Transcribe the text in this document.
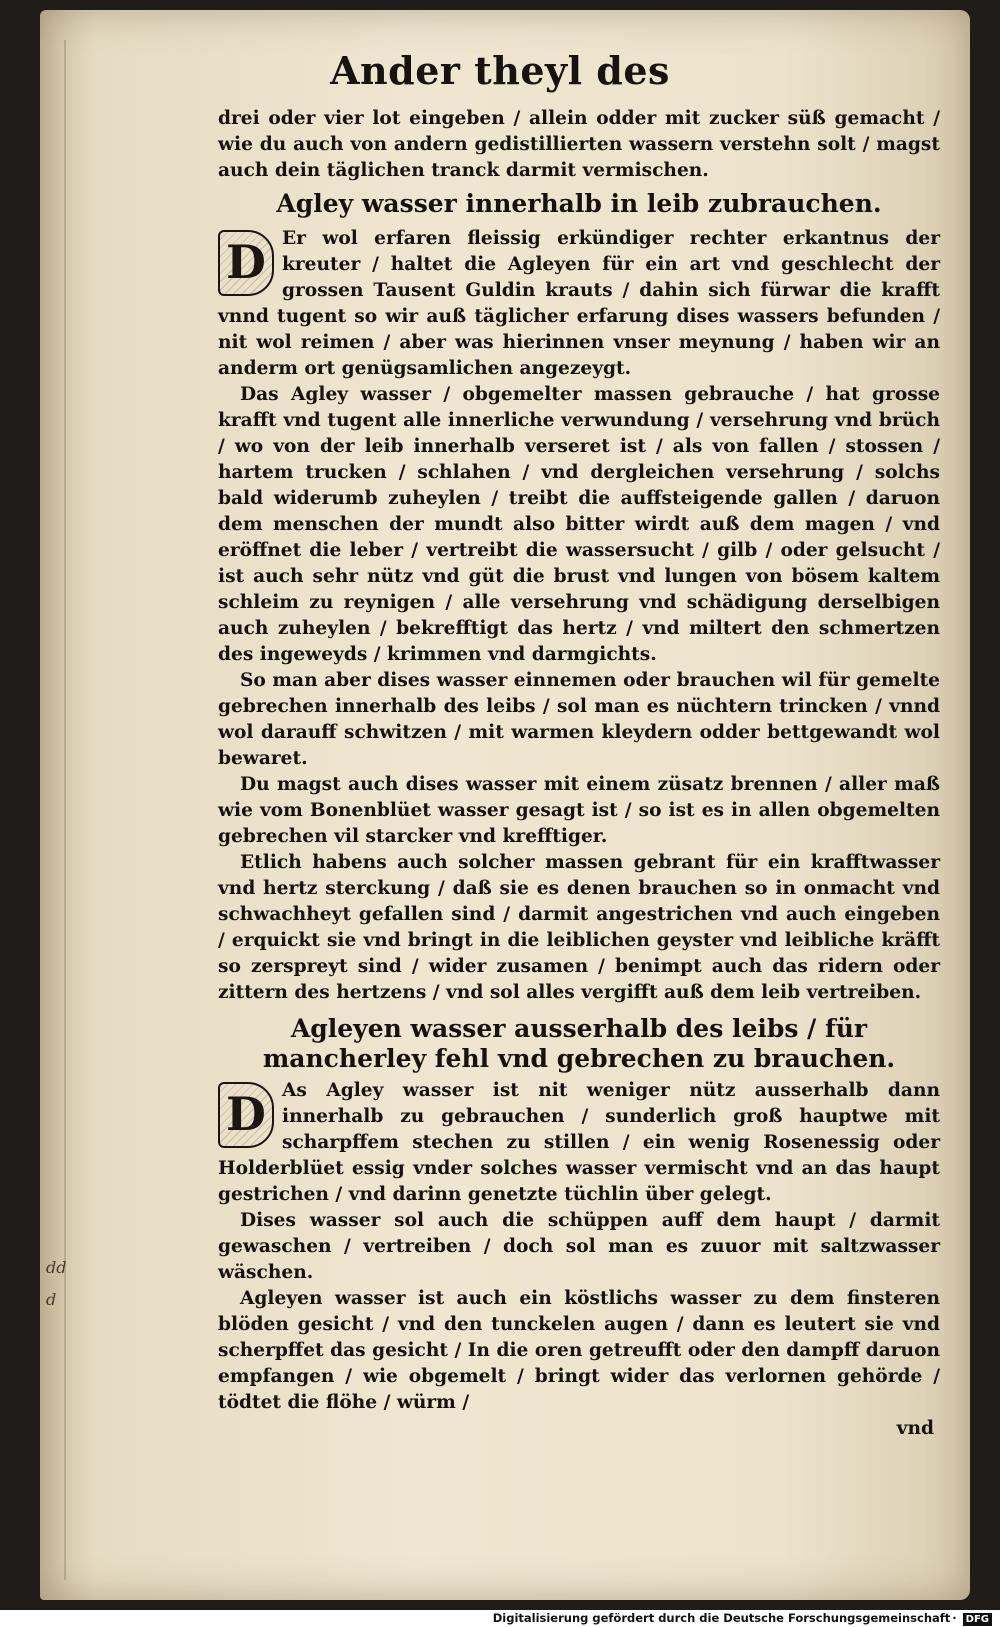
dd
d
Ander theyl des

drei oder vier lot eingeben / allein odder mit zucker süß gemacht / wie du auch von andern gedistillierten wassern verstehn solt / magst auch dein täglichen tranck darmit vermischen.

Agley wasser innerhalb in leib zubrauchen.

D Er wol erfaren fleissig erkündiger rechter erkantnus der kreuter / haltet die Agleyen für ein art vnd geschlecht der grossen Tausent Guldin krauts / dahin sich fürwar die krafft vnnd tugent so wir auß täglicher erfarung dises wassers befunden / nit wol reimen / aber was hierinnen vnser meynung / haben wir an anderm ort genügsamlichen angezeygt.

Das Agley wasser / obgemelter massen gebrauche / hat grosse krafft vnd tugent alle innerliche verwundung / versehrung vnd brüch / wo von der leib innerhalb verseret ist / als von fallen / stossen / hartem trucken / schlahen / vnd dergleichen versehrung / solchs bald widerumb zuheylen / treibt die auffsteigende gallen / daruon dem menschen der mundt also bitter wirdt auß dem magen / vnd eröffnet die leber / vertreibt die wassersucht / gilb / oder gelsucht / ist auch sehr nütz vnd güt die brust vnd lungen von bösem kaltem schleim zu reynigen / alle versehrung vnd schädigung derselbigen auch zuheylen / bekrefftigt das hertz / vnd miltert den schmertzen des ingeweyds / krimmen vnd darmgichts.

So man aber dises wasser einnemen oder brauchen wil für gemelte gebrechen innerhalb des leibs / sol man es nüchtern trincken / vnnd wol darauff schwitzen / mit warmen kleydern odder bettgewandt wol bewaret.

Du magst auch dises wasser mit einem züsatz brennen / aller maß wie vom Bonenblüet wasser gesagt ist / so ist es in allen obgemelten gebrechen vil starcker vnd krefftiger.

Etlich habens auch solcher massen gebrant für ein krafftwasser vnd hertz sterckung / daß sie es denen brauchen so in onmacht vnd schwachheyt gefallen sind / darmit angestrichen vnd auch eingeben / erquickt sie vnd bringt in die leiblichen geyster vnd leibliche kräfft so zerspreyt sind / wider zusamen / benimpt auch das ridern oder zittern des hertzens / vnd sol alles vergifft auß dem leib vertreiben.

Agleyen wasser ausserhalb des leibs / für mancherley fehl vnd gebrechen zu brauchen.

D As Agley wasser ist nit weniger nütz ausserhalb dann innerhalb zu gebrauchen / sunderlich groß hauptwe mit scharpffem stechen zu stillen / ein wenig Rosenessig oder Holderblüet essig vnder solches wasser vermischt vnd an das haupt gestrichen / vnd darinn genetzte tüchlin über gelegt.

Dises wasser sol auch die schüppen auff dem haupt / darmit gewaschen / vertreiben / doch sol man es zuuor mit saltzwasser wäschen.

Agleyen wasser ist auch ein köstlichs wasser zu dem finsteren blöden gesicht / vnd den tunckelen augen / dann es leutert sie vnd scherpffet das gesicht / In die oren getreufft oder den dampff daruon empfangen / wie obgemelt / bringt wider das verlornen gehörde / tödtet die flöhe / würm /

vnd

Digitalisierung gefördert durch die Deutsche Forschungsgemeinschaft · DFG
